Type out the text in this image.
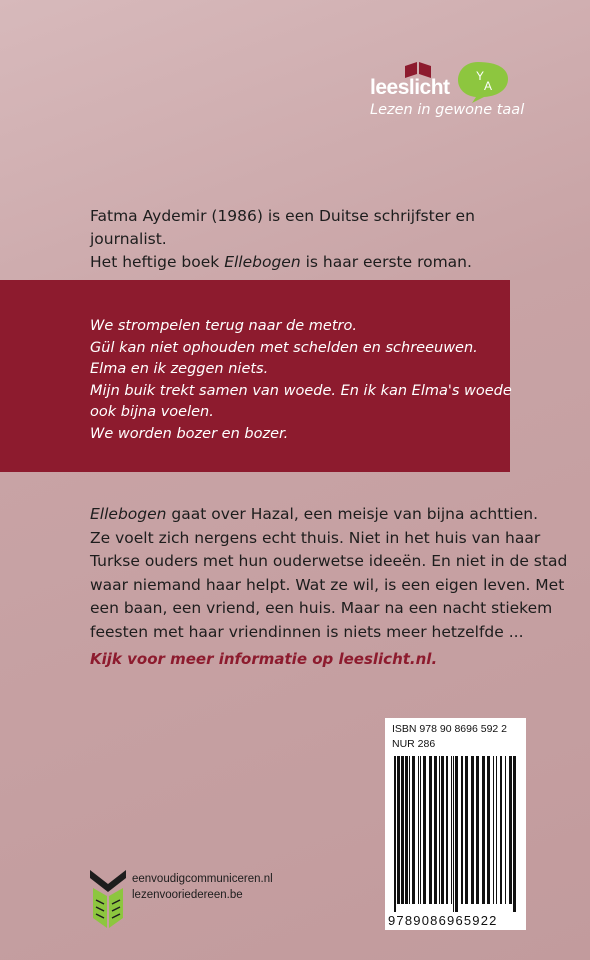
Y
A
leeslicht
Lezen in gewone taal

Fatma Aydemir (1986) is een Duitse schrijfster en journalist.

Het heftige boek Ellebogen is haar eerste roman.

We strompelen terug naar de metro.
Gül kan niet ophouden met schelden en schreeuwen.
Elma en ik zeggen niets.
Mijn buik trekt samen van woede. En ik kan Elma's woede
ook bijna voelen.
We worden bozer en bozer.
Ellebogen gaat over Hazal, een meisje van bijna achttien.
Ze voelt zich nergens echt thuis. Niet in het huis van haar
Turkse ouders met hun ouderwetse ideeën. En niet in de stad
waar niemand haar helpt. Wat ze wil, is een eigen leven. Met
een baan, een vriend, een huis. Maar na een nacht stiekem
feesten met haar vriendinnen is niets meer hetzelfde ...
Kijk voor meer informatie op leeslicht.nl.
ISBN 978 90 8696 592 2
NUR 286
9789086965922
eenvoudigcommuniceren.nl
lezenvooriedereen.be
